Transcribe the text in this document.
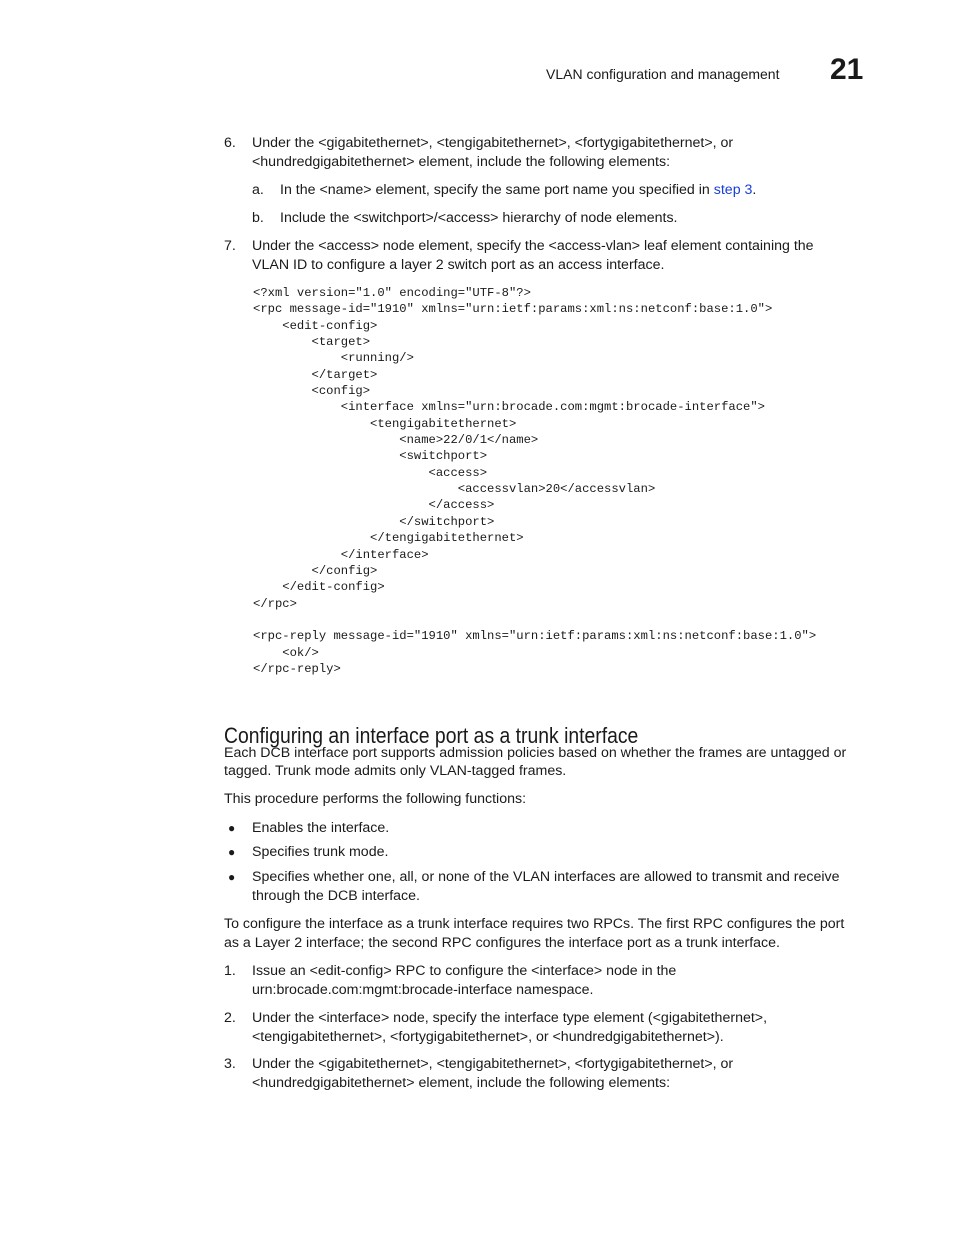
VLAN configuration and management 21
6. Under the <gigabitethernet>, <tengigabitethernet>, <fortygigabitethernet>, or
<hundredgigabitethernet> element, include the following elements:
a. In the <name> element, specify the same port name you specified in step 3.
b. Include the <switchport>/<access> hierarchy of node elements.
7. Under the <access> node element, specify the <access-vlan> leaf element containing the
VLAN ID to configure a layer 2 switch port as an access interface.
<?xml version="1.0" encoding="UTF-8"?>
<rpc message-id="1910" xmlns="urn:ietf:params:xml:ns:netconf:base:1.0">
<edit-config>
<target>
<running/>
</target>
<config>
<interface xmlns="urn:brocade.com:mgmt:brocade-interface">
<tengigabitethernet>
<name>22/0/1</name>
<switchport>
<access>
<accessvlan>20</accessvlan>
</access>
</switchport>
</tengigabitethernet>
</interface>
</config>
</edit-config>
</rpc>

<rpc-reply message-id="1910" xmlns="urn:ietf:params:xml:ns:netconf:base:1.0">
<ok/>
</rpc-reply>
Configuring an interface port as a trunk interface
Each DCB interface port supports admission policies based on whether the frames are untagged or
tagged. Trunk mode admits only VLAN-tagged frames.
This procedure performs the following functions:
● Enables the interface.
● Specifies trunk mode.
● Specifies whether one, all, or none of the VLAN interfaces are allowed to transmit and receive
through the DCB interface.
To configure the interface as a trunk interface requires two RPCs. The first RPC configures the port
as a Layer 2 interface; the second RPC configures the interface port as a trunk interface.
1. Issue an <edit-config> RPC to configure the <interface> node in the
urn:brocade.com:mgmt:brocade-interface namespace.
2. Under the <interface> node, specify the interface type element (<gigabitethernet>,
<tengigabitethernet>, <fortygigabitethernet>, or <hundredgigabitethernet>).
3. Under the <gigabitethernet>, <tengigabitethernet>, <fortygigabitethernet>, or
<hundredgigabitethernet> element, include the following elements:
